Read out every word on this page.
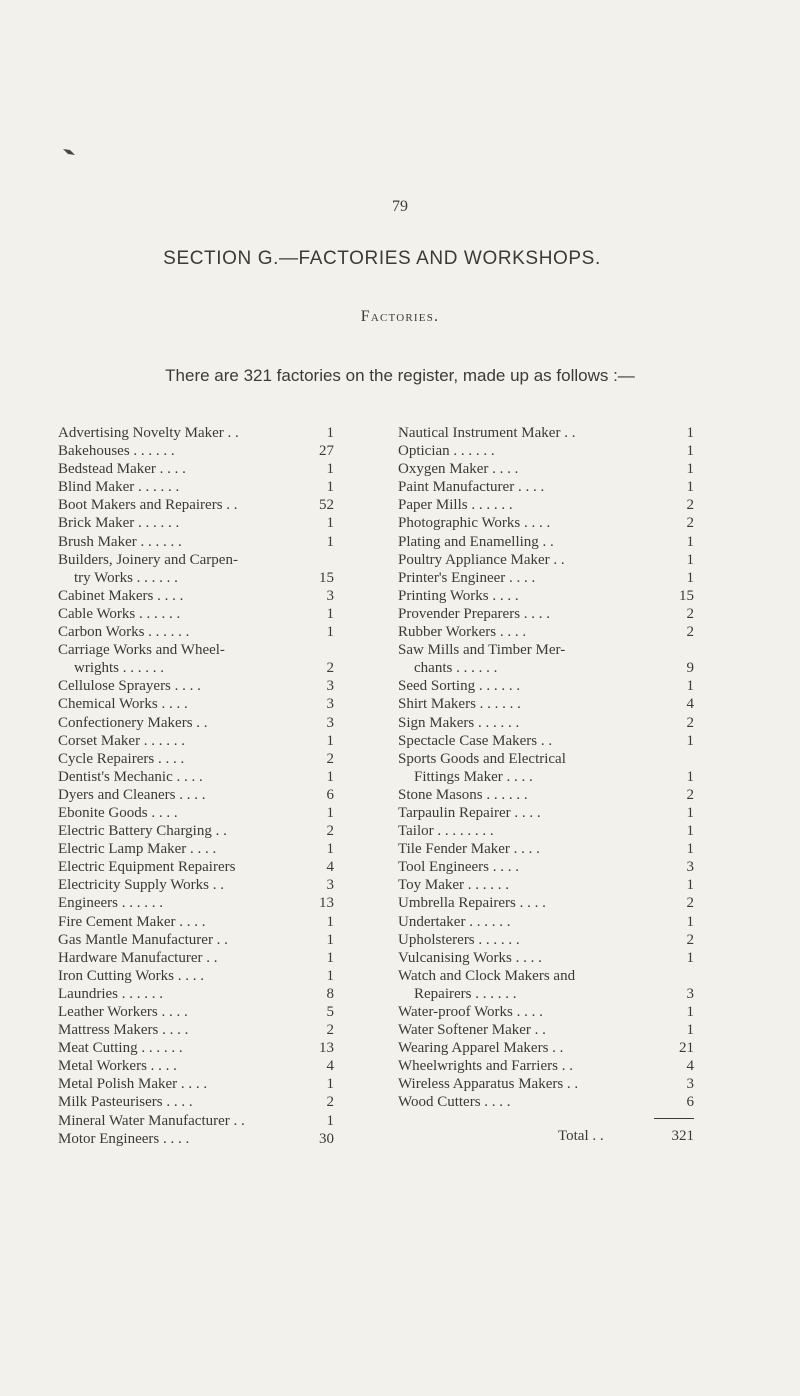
79
SECTION G.—FACTORIES AND WORKSHOPS.
Factories.
There are 321 factories on the register, made up as follows :—
Advertising Novelty Maker . .	1
Bakehouses . . . . . .	27
Bedstead Maker . . . .	1
Blind Maker . . . . . .	1
Boot Makers and Repairers . .	52
Brick Maker . . . . . .	1
Brush Maker . . . . . .	1
Builders, Joinery and Carpen-
try Works . . . . . .	15
Cabinet Makers . . . .	3
Cable Works . . . . . .	1
Carbon Works . . . . . .	1
Carriage Works and Wheel-
wrights . . . . . .	2
Cellulose Sprayers . . . .	3
Chemical Works . . . .	3
Confectionery Makers . .	3
Corset Maker . . . . . .	1
Cycle Repairers . . . .	2
Dentist's Mechanic . . . .	1
Dyers and Cleaners . . . .	6
Ebonite Goods . . . .	1
Electric Battery Charging . .	2
Electric Lamp Maker . . . .	1
Electric Equipment Repairers	4
Electricity Supply Works . .	3
Engineers . . . . . .	13
Fire Cement Maker . . . .	1
Gas Mantle Manufacturer . .	1
Hardware Manufacturer . .	1
Iron Cutting Works . . . .	1
Laundries . . . . . .	8
Leather Workers . . . .	5
Mattress Makers . . . .	2
Meat Cutting . . . . . .	13
Metal Workers . . . .	4
Metal Polish Maker . . . .	1
Milk Pasteurisers . . . .	2
Mineral Water Manufacturer . .	1
Motor Engineers . . . .	30
Nautical Instrument Maker . .	1
Optician . . . . . .	1
Oxygen Maker . . . .	1
Paint Manufacturer . . . .	1
Paper Mills . . . . . .	2
Photographic Works . . . .	2
Plating and Enamelling . .	1
Poultry Appliance Maker . .	1
Printer's Engineer . . . .	1
Printing Works . . . .	15
Provender Preparers . . . .	2
Rubber Workers . . . .	2
Saw Mills and Timber Mer-
chants . . . . . .	9
Seed Sorting . . . . . .	1
Shirt Makers . . . . . .	4
Sign Makers . . . . . .	2
Spectacle Case Makers . .	1
Sports Goods and Electrical
Fittings Maker . . . .	1
Stone Masons . . . . . .	2
Tarpaulin Repairer . . . .	1
Tailor . . . . . . . .	1
Tile Fender Maker . . . .	1
Tool Engineers . . . .	3
Toy Maker . . . . . .	1
Umbrella Repairers . . . .	2
Undertaker . . . . . .	1
Upholsterers . . . . . .	2
Vulcanising Works . . . .	1
Watch and Clock Makers and
Repairers . . . . . .	3
Water-proof Works . . . .	1
Water Softener Maker . .	1
Wearing Apparel Makers . .	21
Wheelwrights and Farriers . .	4
Wireless Apparatus Makers . .	3
Wood Cutters . . . .	6
Total . .	321
